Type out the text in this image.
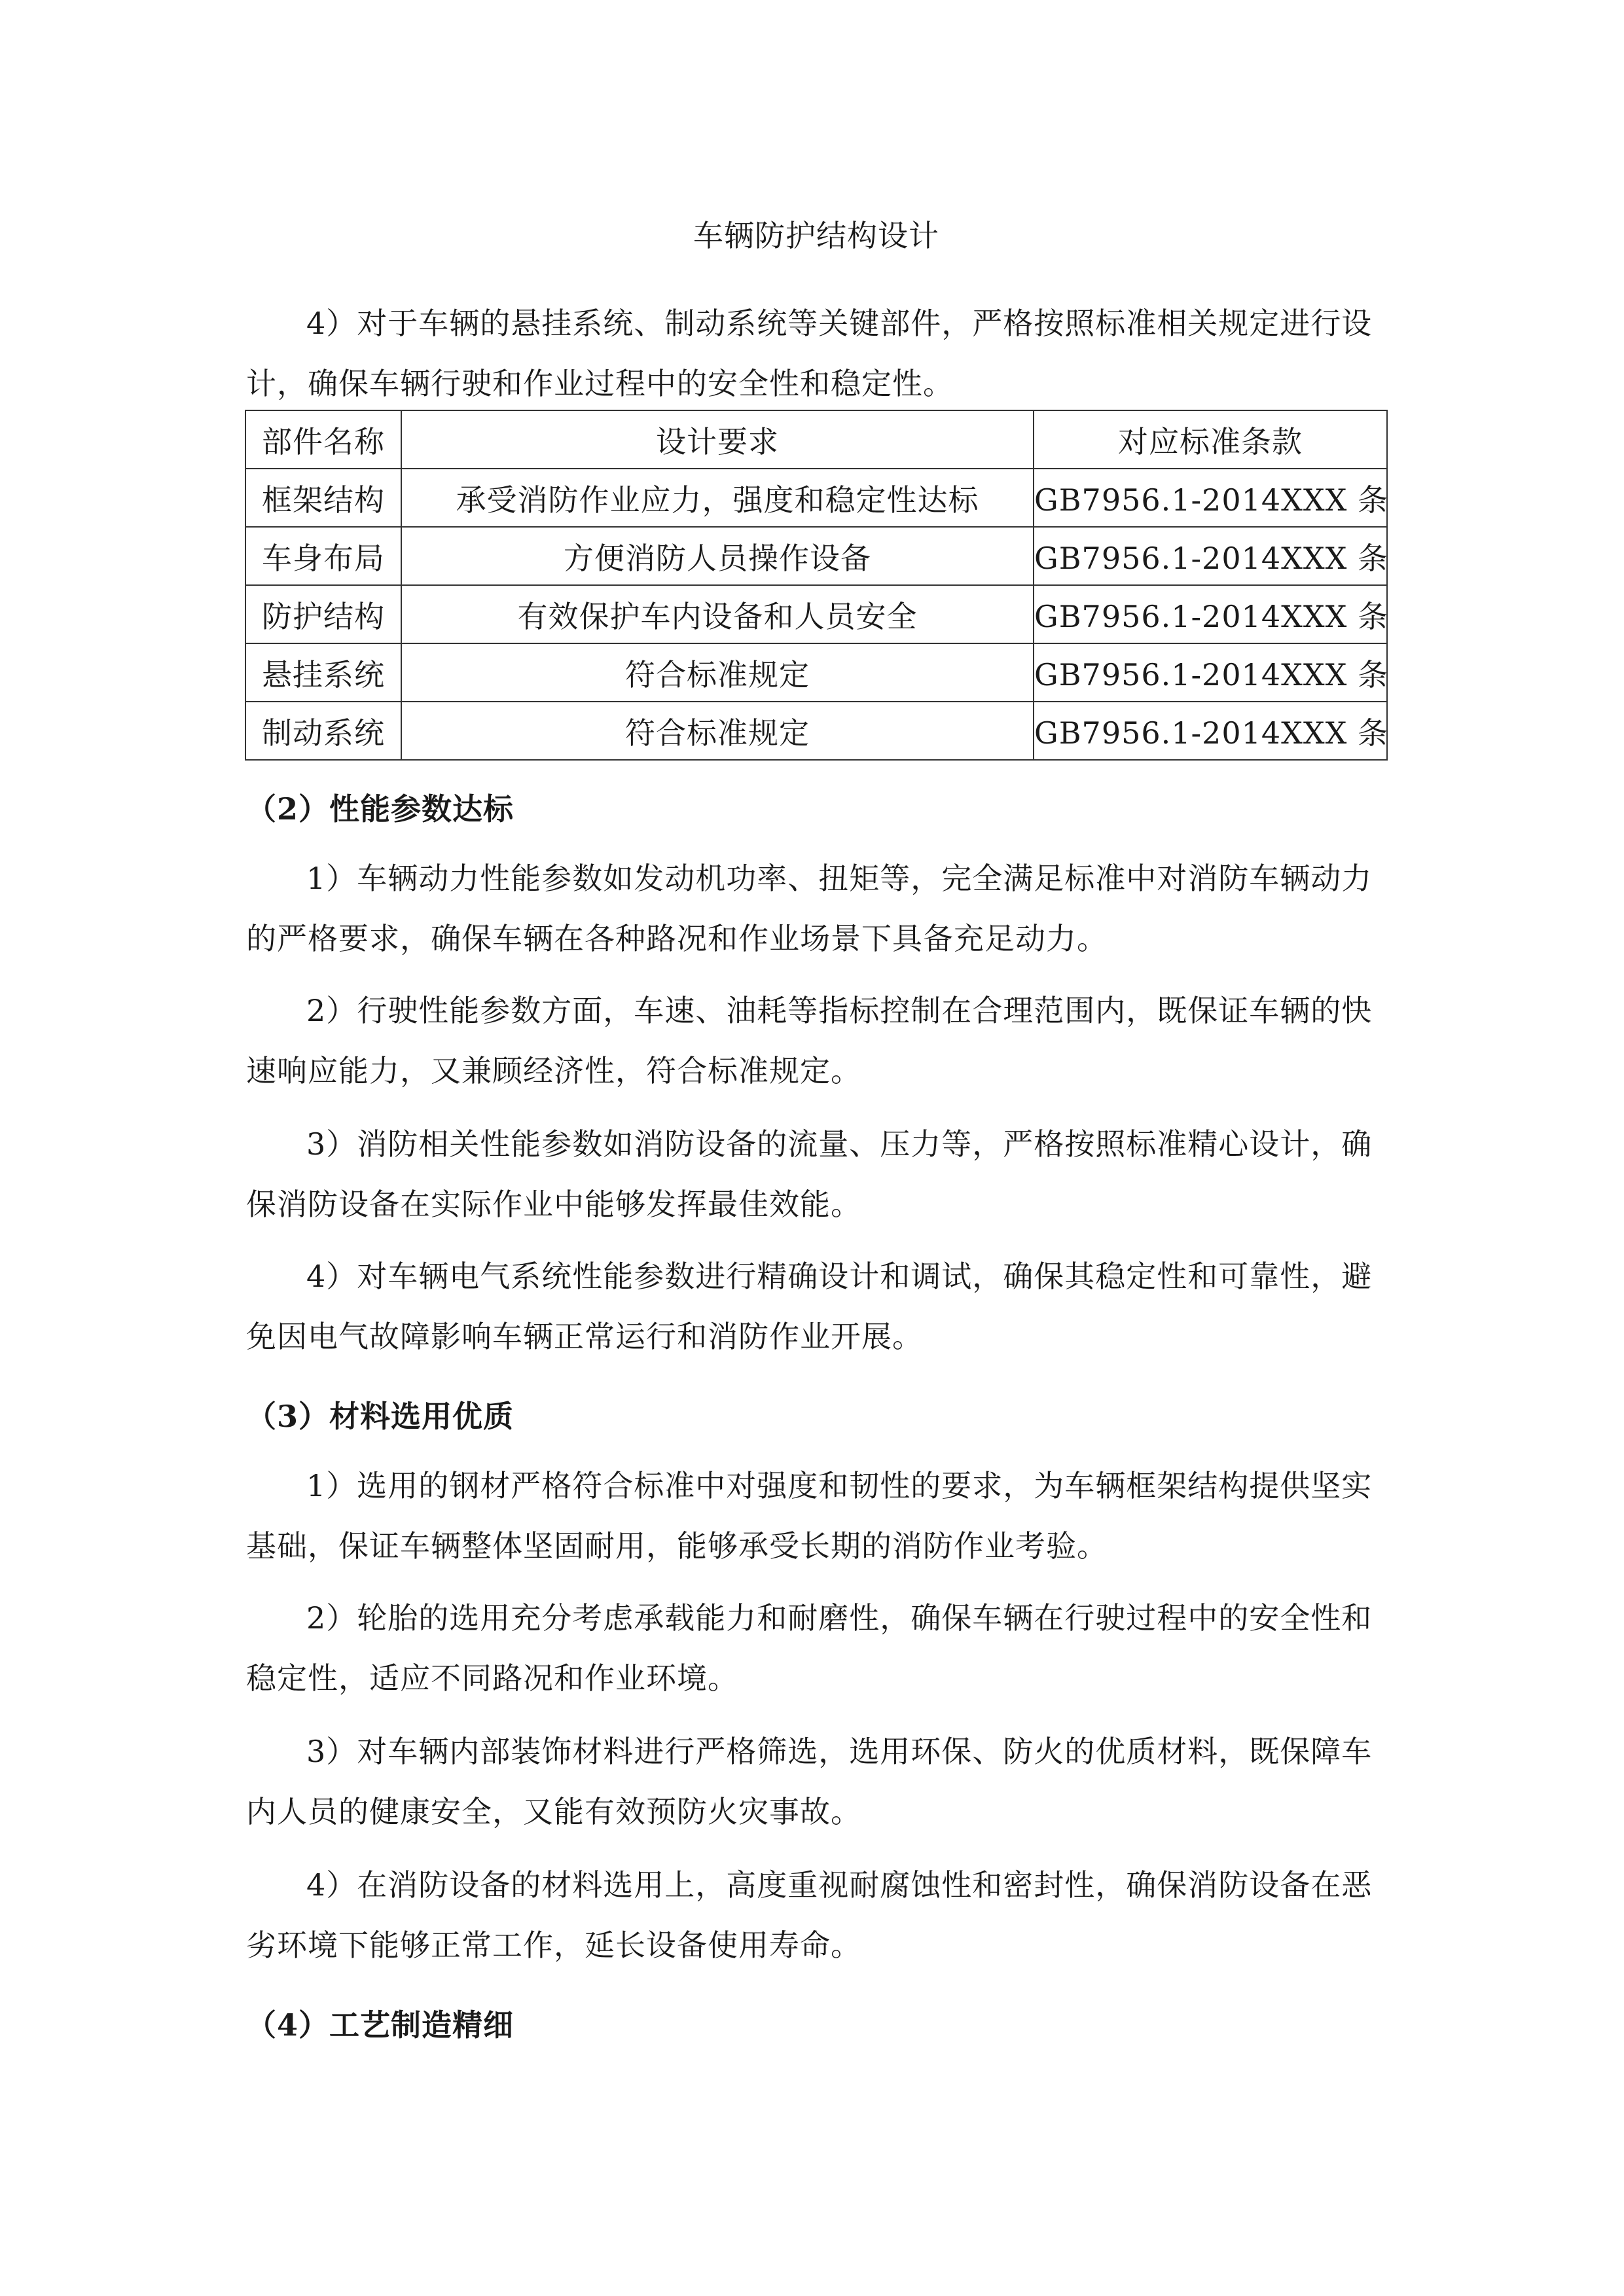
车辆防护结构设计

4）对于车辆的悬挂系统、制动系统等关键部件，严格按照标准相关规定进行设计，确保车辆行驶和作业过程中的安全性和稳定性。

部件名称	设计要求	对应标准条款
框架结构	承受消防作业应力，强度和稳定性达标	GB7956.1-2014XXX 条
车身布局	方便消防人员操作设备	GB7956.1-2014XXX 条
防护结构	有效保护车内设备和人员安全	GB7956.1-2014XXX 条
悬挂系统	符合标准规定	GB7956.1-2014XXX 条
制动系统	符合标准规定	GB7956.1-2014XXX 条
（2）性能参数达标

1）车辆动力性能参数如发动机功率、扭矩等，完全满足标准中对消防车辆动力的严格要求，确保车辆在各种路况和作业场景下具备充足动力。

2）行驶性能参数方面，车速、油耗等指标控制在合理范围内，既保证车辆的快速响应能力，又兼顾经济性，符合标准规定。

3）消防相关性能参数如消防设备的流量、压力等，严格按照标准精心设计，确保消防设备在实际作业中能够发挥最佳效能。

4）对车辆电气系统性能参数进行精确设计和调试，确保其稳定性和可靠性，避免因电气故障影响车辆正常运行和消防作业开展。

（3）材料选用优质

1）选用的钢材严格符合标准中对强度和韧性的要求，为车辆框架结构提供坚实基础，保证车辆整体坚固耐用，能够承受长期的消防作业考验。

2）轮胎的选用充分考虑承载能力和耐磨性，确保车辆在行驶过程中的安全性和稳定性，适应不同路况和作业环境。

3）对车辆内部装饰材料进行严格筛选，选用环保、防火的优质材料，既保障车内人员的健康安全，又能有效预防火灾事故。

4）在消防设备的材料选用上，高度重视耐腐蚀性和密封性，确保消防设备在恶劣环境下能够正常工作，延长设备使用寿命。

（4）工艺制造精细
